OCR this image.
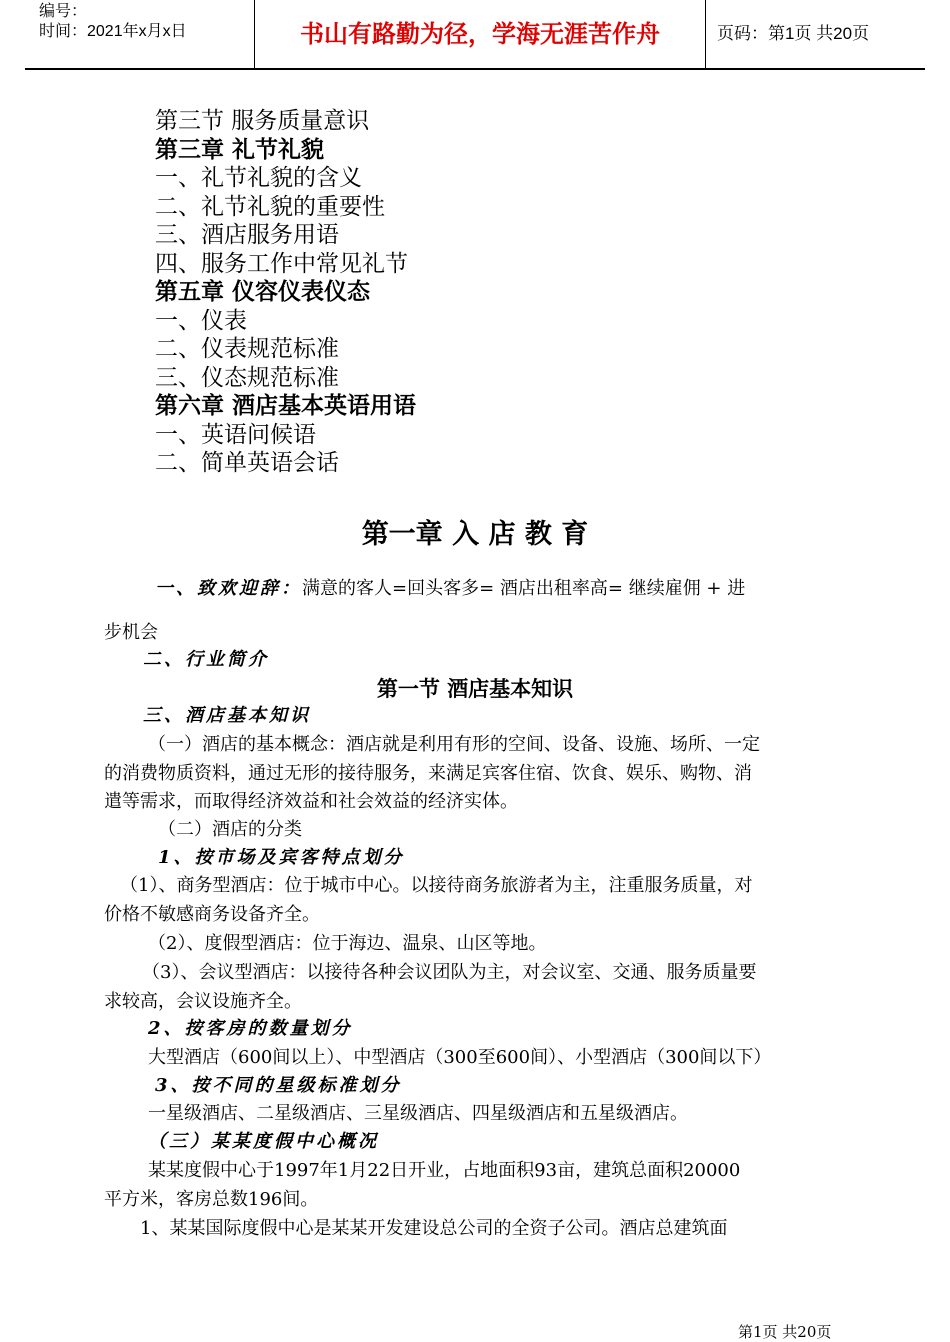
编号：
时间：2021年x月x日	书山有路勤为径，学海无涯苦作舟	页码：第1页 共20页
第三节 服务质量意识
第三章 礼节礼貌
一、礼节礼貌的含义
二、礼节礼貌的重要性
三、酒店服务用语
四、服务工作中常见礼节
第五章 仪容仪表仪态
一、仪表
二、仪表规范标准
三、仪态规范标准
第六章 酒店基本英语用语
一、英语问候语
二、简单英语会话
第一章 入 店 教 育
一、致欢迎辞：满意的客人=回头客多= 酒店出租率高= 继续雇佣 + 进
步机会
二、行业简介
第一节 酒店基本知识
三、酒店基本知识
（一）酒店的基本概念：酒店就是利用有形的空间、设备、设施、场所、一定
的消费物质资料，通过无形的接待服务，来满足宾客住宿、饮食、娱乐、购物、消
遣等需求，而取得经济效益和社会效益的经济实体。
（二）酒店的分类
1、按市场及宾客特点划分
（1）、商务型酒店：位于城市中心。以接待商务旅游者为主，注重服务质量，对
价格不敏感商务设备齐全。
（2）、度假型酒店：位于海边、温泉、山区等地。
（3）、会议型酒店：以接待各种会议团队为主，对会议室、交通、服务质量要
求较高，会议设施齐全。
2、按客房的数量划分
大型酒店（600间以上）、中型酒店（300至600间）、小型酒店（300间以下）
3、按不同的星级标准划分
一星级酒店、二星级酒店、三星级酒店、四星级酒店和五星级酒店。
（三）某某度假中心概况
某某度假中心于1997年1月22日开业，占地面积93亩，建筑总面积20000
平方米，客房总数196间。
1、某某国际度假中心是某某开发建设总公司的全资子公司。酒店总建筑面
第1页 共20页
